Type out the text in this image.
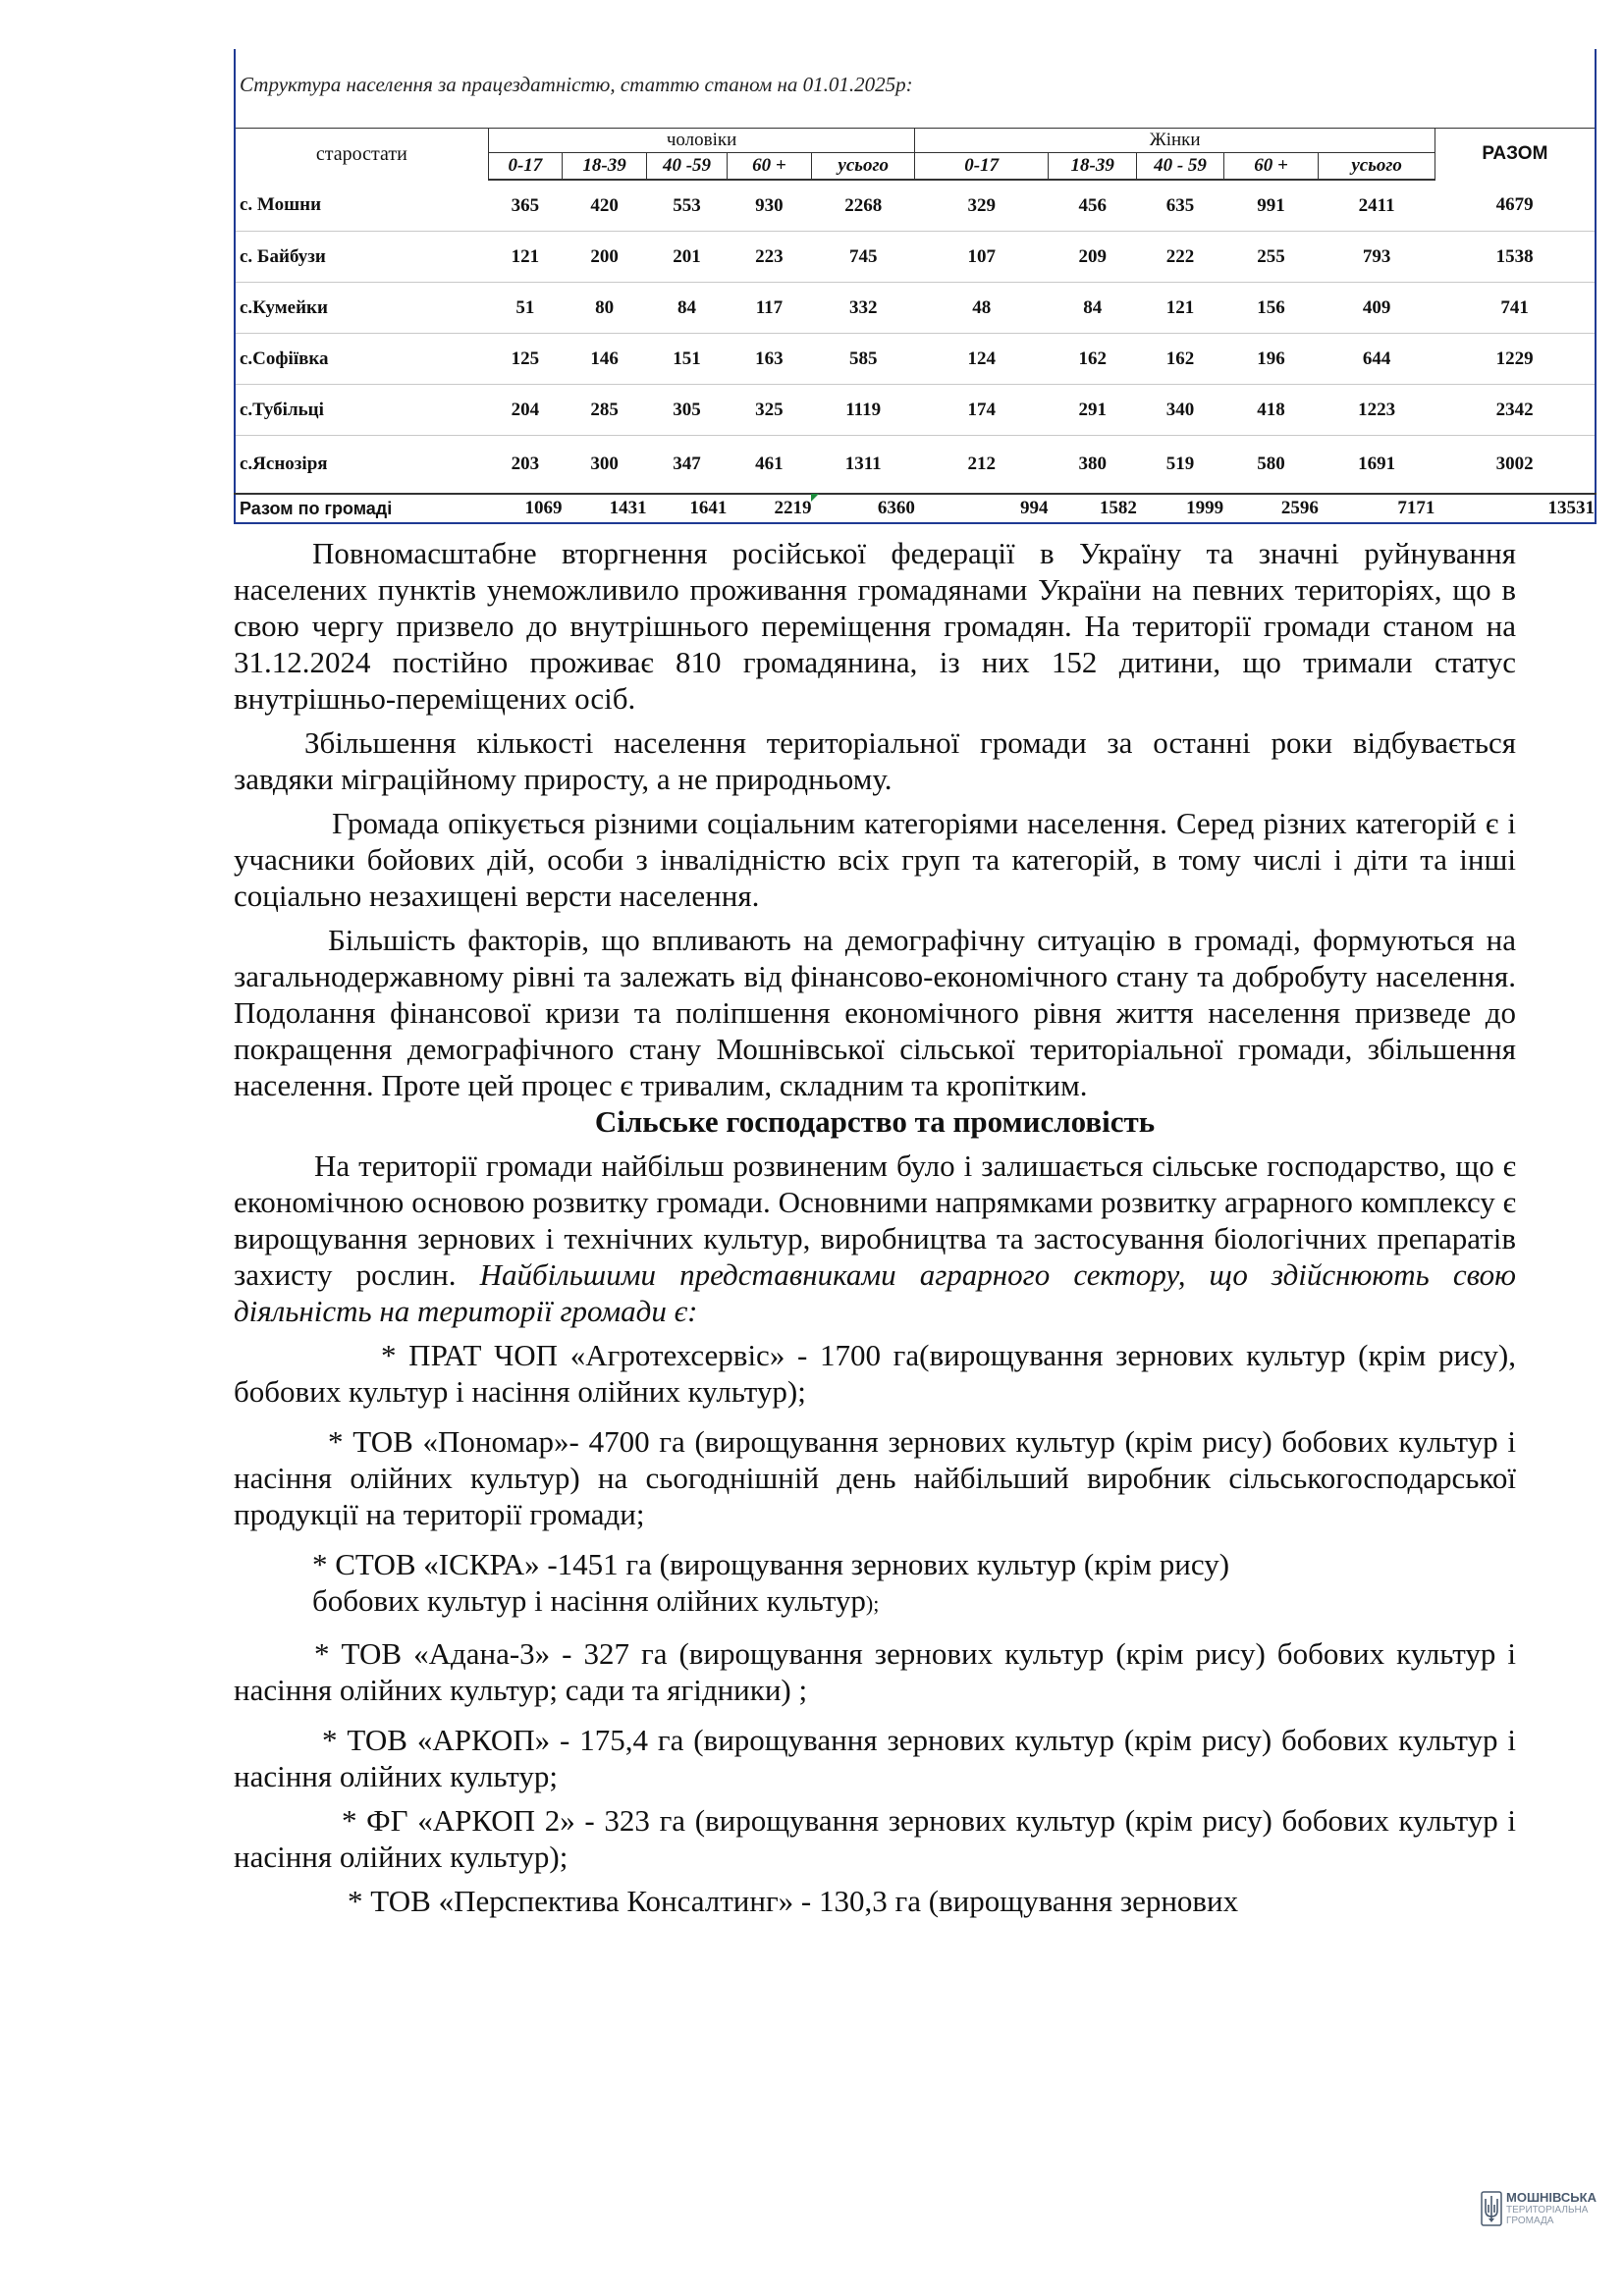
Структура населення за працездатністю, статтю станом на 01.01.2025р:
старостати	чоловіки					Жінки					РАЗОМ
	0-17	18-39	40 -59	60 +	усього	0-17	18-39	40 - 59	60 +	усього	
с. Мошни	365	420	553	930	2268	329	456	635	991	2411	4679
с. Байбузи	121	200	201	223	745	107	209	222	255	793	1538
с.Кумейки	51	80	84	117	332	48	84	121	156	409	741
с.Софіївка	125	146	151	163	585	124	162	162	196	644	1229
с.Тубільці	204	285	305	325	1119	174	291	340	418	1223	2342
с.Яснозіря	203	300	347	461	1311	212	380	519	580	1691	3002
Разом по громаді	1069	1431	1641	2219	6360	994	1582	1999	2596	7171	13531

Повномасштабне вторгнення російської федерації в Україну та значні руйнування населених пунктів унеможливило проживання громадянами України на певних територіях, що в свою чергу призвело до внутрішнього переміщення громадян. На території громади станом на 31.12.2024 постійно проживає 810 громадянина, із них 152 дитини, що тримали статус внутрішньо-переміщених осіб.

Збільшення кількості населення територіальної громади за останні роки відбувається завдяки міграційному приросту, а не природньому.

Громада опікується різними соціальним категоріями населення. Серед різних категорій є і учасники бойових дій, особи з інвалідністю всіх груп та категорій, в тому числі і діти та інші соціально незахищені версти населення.

Більшість факторів, що впливають на демографічну ситуацію в громаді, формуються на загальнодержавному рівні та залежать від фінансово-економічного стану та добробуту населення. Подолання фінансової кризи та поліпшення економічного рівня життя населення призведе до покращення демографічного стану Мошнівської сільської територіальної громади, збільшення населення. Проте цей процес є тривалим, складним та кропітким.

Сільське господарство та промисловість

На території громади найбільш розвиненим було і залишається сільське господарство, що є економічною основою розвитку громади. Основними напрямками розвитку аграрного комплексу є вирощування зернових і технічних культур, виробництва та застосування біологічних препаратів захисту рослин. Найбільшими представниками аграрного сектору, що здійснюють свою діяльність на території громади є:

* ПРАТ ЧОП «Агротехсервіс» - 1700 га(вирощування зернових культур (крім рису), бобових культур і насіння олійних культур);

* ТОВ «Пономар»- 4700 га (вирощування зернових культур (крім рису) бобових культур і насіння олійних культур) на сьогоднішній день найбільший виробник сільськогосподарської продукції на території громади;

* СТОВ «ІСКРА» -1451 га (вирощування зернових культур (крім рису)
бобових культур і насіння олійних культур);

* ТОВ «Адана-3» - 327 га (вирощування зернових культур (крім рису) бобових культур і насіння олійних культур; сади та ягідники) ;

* ТОВ «АРКОП» - 175,4 га (вирощування зернових культур (крім рису) бобових культур і насіння олійних культур;

* ФГ «АРКОП 2» - 323 га (вирощування зернових культур (крім рису) бобових культур і насіння олійних культур);

* ТОВ «Перспектива Консалтинг» - 130,3 га (вирощування зернових

МОШНІВСЬКА
ТЕРИТОРІАЛЬНА
ГРОМАДА
